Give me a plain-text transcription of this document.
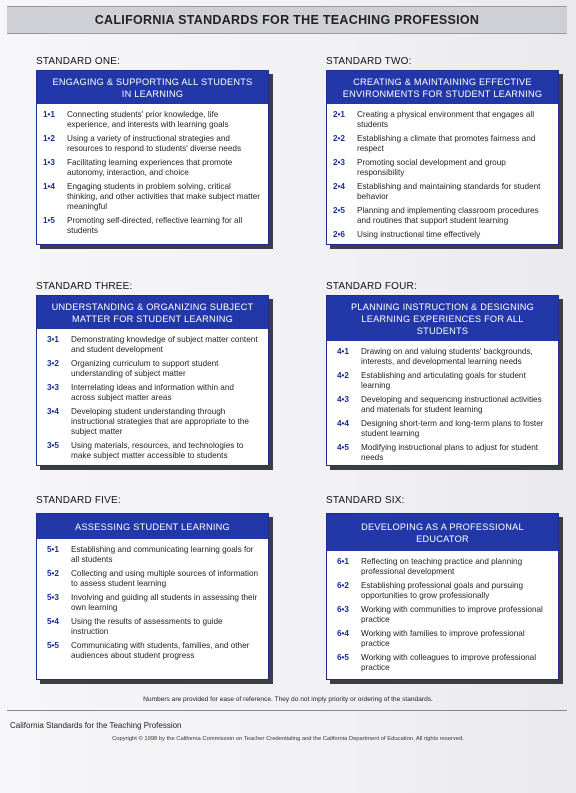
CALIFORNIA STANDARDS FOR THE TEACHING PROFESSION
STANDARD ONE:
ENGAGING & SUPPORTING ALL STUDENTS IN LEARNING
1•1	Connecting students' prior knowledge, life experience, and interests with learning goals
1•2	Using a variety of instructional strategies and resources to respond to students' diverse needs
1•3	Facilitating learning experiences that promote autonomy, interaction, and choice
1•4	Engaging students in problem solving, critical thinking, and other activities that make subject matter meaningful
1•5	Promoting self-directed, reflective learning for all students
STANDARD TWO:
CREATING & MAINTAINING EFFECTIVE ENVIRONMENTS FOR STUDENT LEARNING
2•1	Creating a physical environment that engages all students
2•2	Establishing a climate that promotes fairness and respect
2•3	Promoting social development and group responsibility
2•4	Establishing and maintaining standards for student behavior
2•5	Planning and implementing classroom procedures and routines that support student learning
2•6	Using instructional time effectively
STANDARD THREE:
UNDERSTANDING & ORGANIZING SUBJECT MATTER FOR STUDENT LEARNING
3•1	Demonstrating knowledge of subject matter content and student development
3•2	Organizing curriculum to support student understanding of subject matter
3•3	Interrelating ideas and information within and across subject matter areas
3•4	Developing student understanding through instructional strategies that are appropriate to the subject matter
3•5	Using materials, resources, and technologies to make subject matter accessible to students
STANDARD FOUR:
PLANNING INSTRUCTION & DESIGNING LEARNING EXPERIENCES FOR ALL STUDENTS
4•1	Drawing on and valuing students' backgrounds, interests, and developmental learning needs
4•2	Establishing and articulating goals for student learning
4•3	Developing and sequencing instructional activities and materials for student learning
4•4	Designing short-term and long-term plans to foster student learning
4•5	Modifying instructional plans to adjust for student needs
STANDARD FIVE:
ASSESSING STUDENT LEARNING
5•1	Establishing and communicating learning goals for all students
5•2	Collecting and using multiple sources of information to assess student learning
5•3	Involving and guiding all students in assessing their own learning
5•4	Using the results of assessments to guide instruction
5•5	Communicating with students, families, and other audiences about student progress
STANDARD SIX:
DEVELOPING AS A PROFESSIONAL EDUCATOR
6•1	Reflecting on teaching practice and planning professional development
6•2	Establishing professional goals and pursuing opportunities to grow professionally
6•3	Working with communities to improve professional practice
6•4	Working with families to improve professional practice
6•5	Working with colleagues to improve professional practice
Numbers are provided for ease of reference. They do not imply priority or ordering of the standards.
California Standards for the Teaching Profession
Copyright © 1998 by the California Commission on Teacher Credentialing and the California Department of Education. All rights reserved.
